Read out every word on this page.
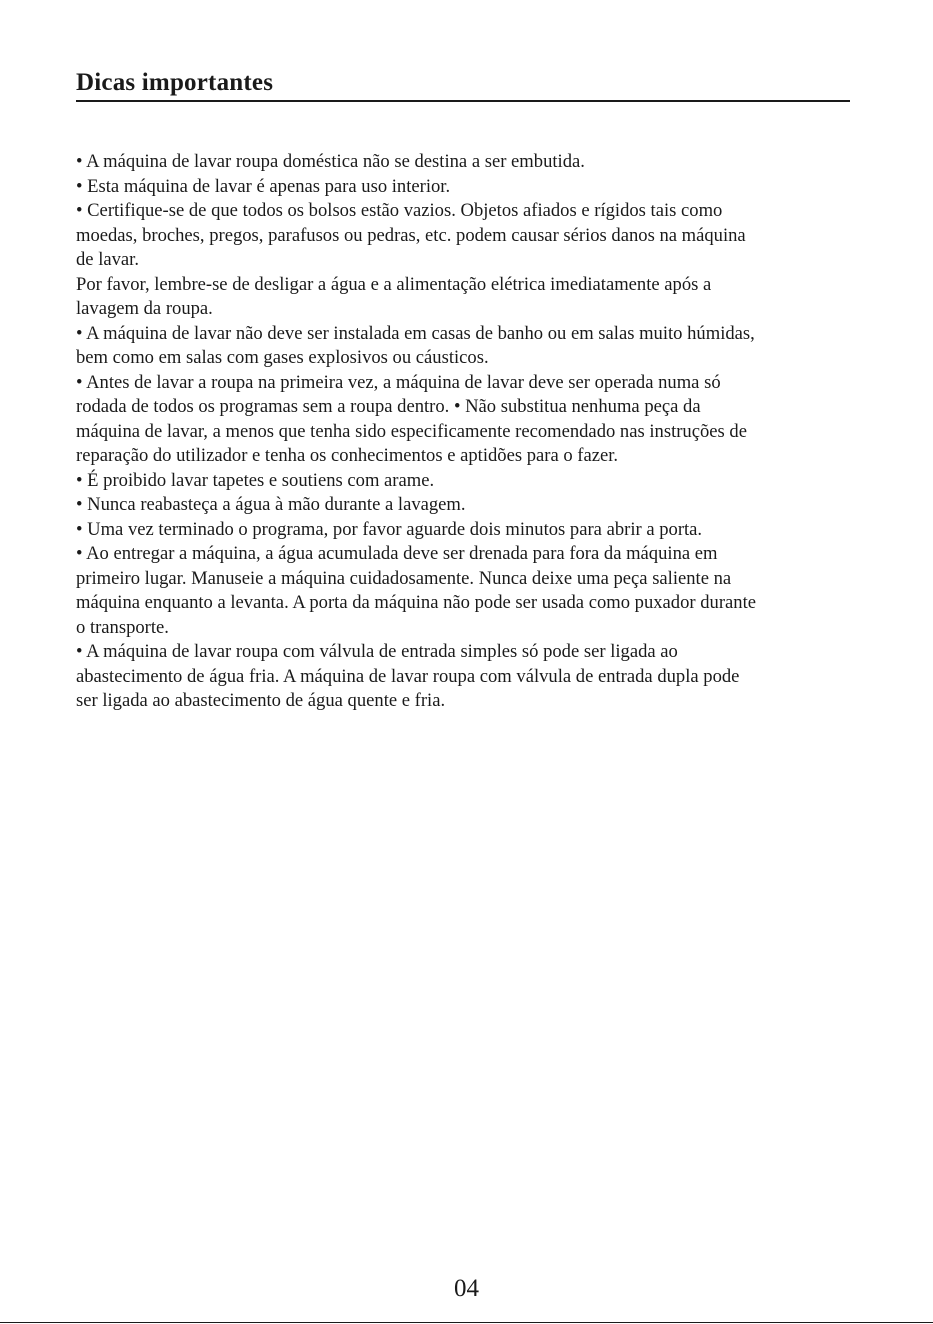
Dicas importantes
• A máquina de lavar roupa doméstica não se destina a ser embutida.
• Esta máquina de lavar é apenas para uso interior.
• Certifique-se de que todos os bolsos estão vazios. Objetos afiados e rígidos tais como
moedas, broches, pregos, parafusos ou pedras, etc. podem causar sérios danos na máquina
de lavar.
Por favor, lembre-se de desligar a água e a alimentação elétrica imediatamente após a
lavagem da roupa.
• A máquina de lavar não deve ser instalada em casas de banho ou em salas muito húmidas,
bem como em salas com gases explosivos ou cáusticos.
• Antes de lavar a roupa na primeira vez, a máquina de lavar deve ser operada numa só
rodada de todos os programas sem a roupa dentro. • Não substitua nenhuma peça da
máquina de lavar, a menos que tenha sido especificamente recomendado nas instruções de
reparação do utilizador e tenha os conhecimentos e aptidões para o fazer.
• É proibido lavar tapetes e soutiens com arame.
• Nunca reabasteça a água à mão durante a lavagem.
• Uma vez terminado o programa, por favor aguarde dois minutos para abrir a porta.
• Ao entregar a máquina, a água acumulada deve ser drenada para fora da máquina em
primeiro lugar. Manuseie a máquina cuidadosamente. Nunca deixe uma peça saliente na
máquina enquanto a levanta. A porta da máquina não pode ser usada como puxador durante
o transporte.
• A máquina de lavar roupa com válvula de entrada simples só pode ser ligada ao
abastecimento de água fria. A máquina de lavar roupa com válvula de entrada dupla pode
ser ligada ao abastecimento de água quente e fria.
04
